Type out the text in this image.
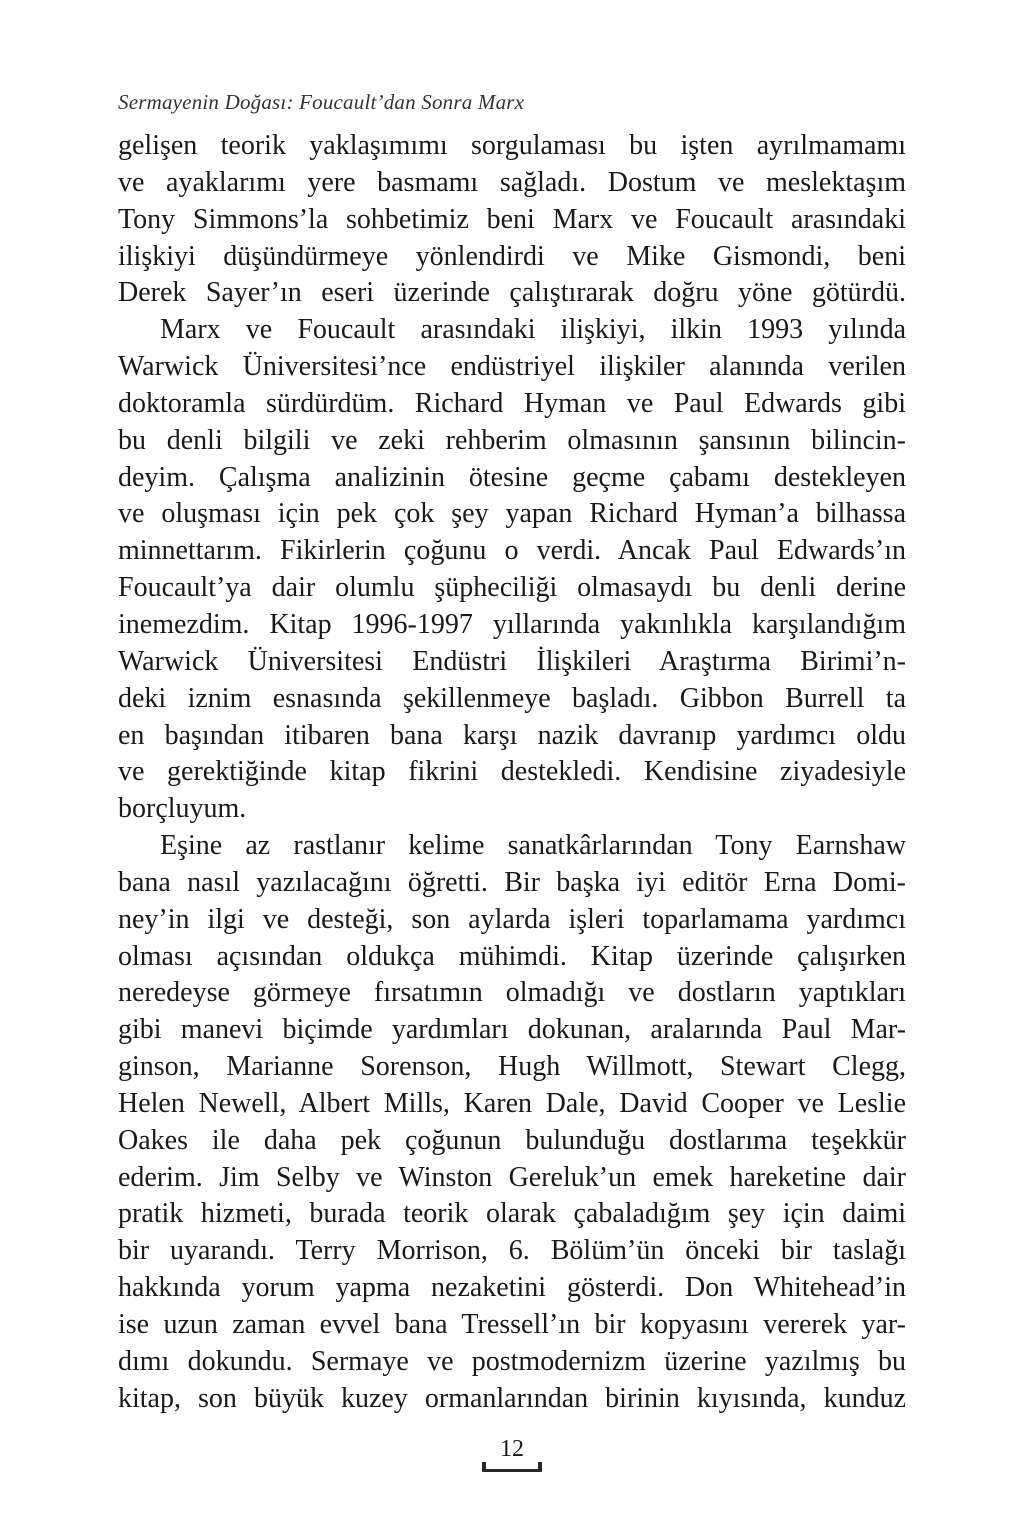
Sermayenin Doğası: Foucault’dan Sonra Marx

gelişen teorik yaklaşımımı sorgulaması bu işten ayrılmamamı
ve ayaklarımı yere basmamı sağladı. Dostum ve meslektaşım
Tony Simmons’la sohbetimiz beni Marx ve Foucault arasındaki
ilişkiyi düşündürmeye yönlendirdi ve Mike Gismondi, beni
Derek Sayer’ın eseri üzerinde çalıştırarak doğru yöne götürdü.

Marx ve Foucault arasındaki ilişkiyi, ilkin 1993 yılında
Warwick Üniversitesi’nce endüstriyel ilişkiler alanında verilen
doktoramla sürdürdüm. Richard Hyman ve Paul Edwards gibi
bu denli bilgili ve zeki rehberim olmasının şansının bilincin-
deyim. Çalışma analizinin ötesine geçme çabamı destekleyen
ve oluşması için pek çok şey yapan Richard Hyman’a bilhassa
minnettarım. Fikirlerin çoğunu o verdi. Ancak Paul Edwards’ın
Foucault’ya dair olumlu şüpheciliği olmasaydı bu denli derine
inemezdim. Kitap 1996-1997 yıllarında yakınlıkla karşılandığım
Warwick Üniversitesi Endüstri İlişkileri Araştırma Birimi’n-
deki iznim esnasında şekillenmeye başladı. Gibbon Burrell ta
en başından itibaren bana karşı nazik davranıp yardımcı oldu
ve gerektiğinde kitap fikrini destekledi. Kendisine ziyadesiyle
borçluyum.

Eşine az rastlanır kelime sanatkârlarından Tony Earnshaw
bana nasıl yazılacağını öğretti. Bir başka iyi editör Erna Domi-
ney’in ilgi ve desteği, son aylarda işleri toparlamama yardımcı
olması açısından oldukça mühimdi. Kitap üzerinde çalışırken
neredeyse görmeye fırsatımın olmadığı ve dostların yaptıkları
gibi manevi biçimde yardımları dokunan, aralarında Paul Mar-
ginson, Marianne Sorenson, Hugh Willmott, Stewart Clegg,
Helen Newell, Albert Mills, Karen Dale, David Cooper ve Leslie
Oakes ile daha pek çoğunun bulunduğu dostlarıma teşekkür
ederim. Jim Selby ve Winston Gereluk’un emek hareketine dair
pratik hizmeti, burada teorik olarak çabaladığım şey için daimi
bir uyarandı. Terry Morrison, 6. Bölüm’ün önceki bir taslağı
hakkında yorum yapma nezaketini gösterdi. Don Whitehead’in
ise uzun zaman evvel bana Tressell’ın bir kopyasını vererek yar-
dımı dokundu. Sermaye ve postmodernizm üzerine yazılmış bu
kitap, son büyük kuzey ormanlarından birinin kıyısında, kunduz

12
